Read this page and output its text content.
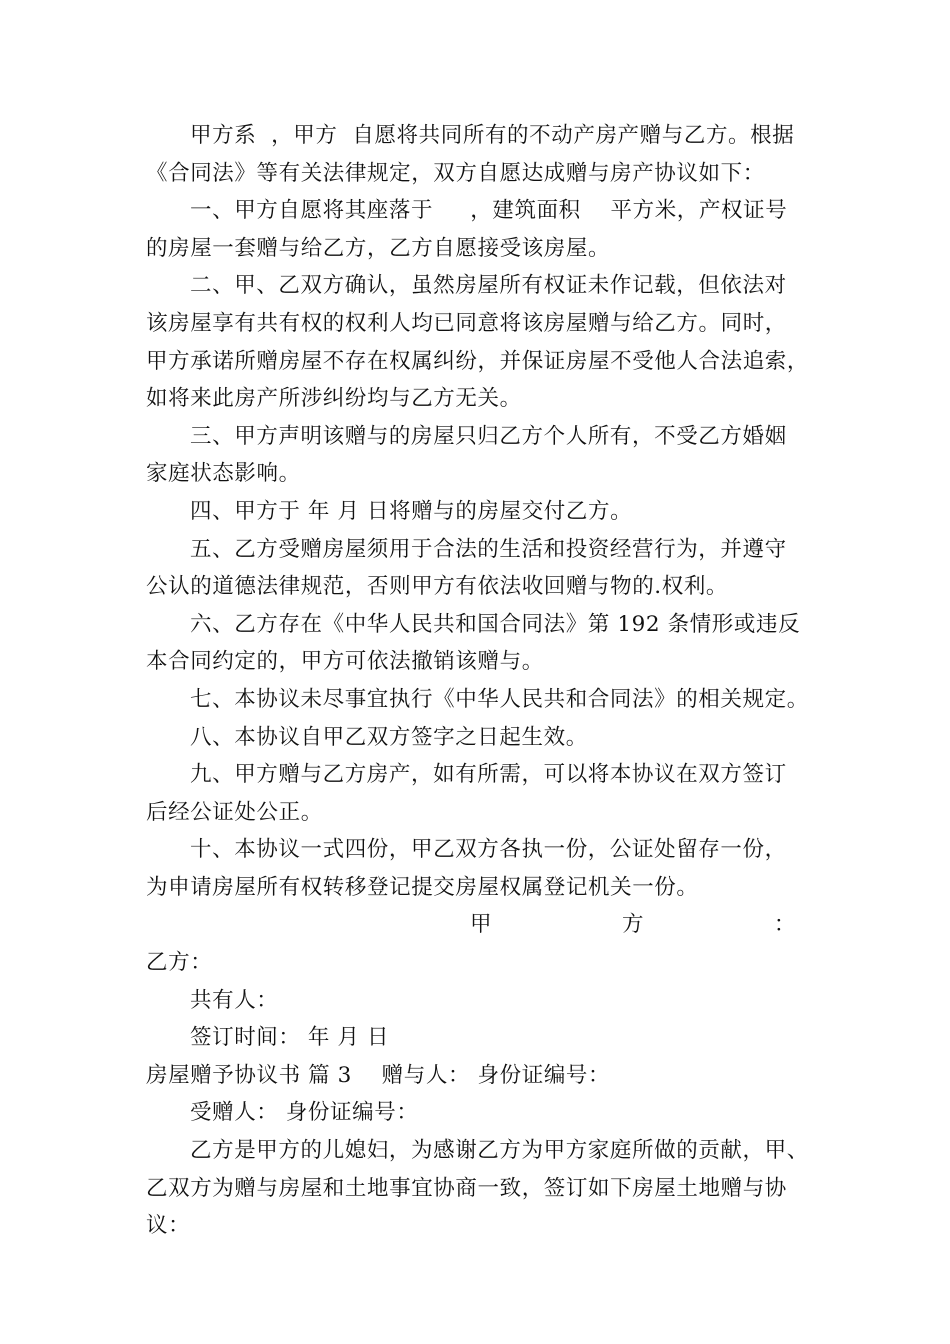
甲方系  ，甲方  自愿将共同所有的不动产房产赠与乙方。根据
《合同法》等有关法律规定，双方自愿达成赠与房产协议如下：
一、甲方自愿将其座落于     ，建筑面积    平方米，产权证号
的房屋一套赠与给乙方，乙方自愿接受该房屋。
二、甲、乙双方确认，虽然房屋所有权证未作记载，但依法对
该房屋享有共有权的权利人均已同意将该房屋赠与给乙方。同时，
甲方承诺所赠房屋不存在权属纠纷，并保证房屋不受他人合法追索，
如将来此房产所涉纠纷均与乙方无关。
三、甲方声明该赠与的房屋只归乙方个人所有，不受乙方婚姻
家庭状态影响。
四、甲方于 年 月 日将赠与的房屋交付乙方。
五、乙方受赠房屋须用于合法的生活和投资经营行为，并遵守
公认的道德法律规范，否则甲方有依法收回赠与物的.权利。
六、乙方存在《中华人民共和国合同法》第 192 条情形或违反
本合同约定的，甲方可依法撤销该赠与。
七、本协议未尽事宜执行《中华人民共和合同法》的相关规定。
八、本协议自甲乙双方签字之日起生效。
九、甲方赠与乙方房产，如有所需，可以将本协议在双方签订
后经公证处公正。
十、本协议一式四份，甲乙双方各执一份，公证处留存一份，
为申请房屋所有权转移登记提交房屋权属登记机关一份。
甲	方	：
乙方：
共有人：
签订时间： 年 月 日
房屋赠予协议书 篇 3    赠与人： 身份证编号：
受赠人： 身份证编号：
乙方是甲方的儿媳妇，为感谢乙方为甲方家庭所做的贡献，甲、
乙双方为赠与房屋和土地事宜协商一致，签订如下房屋土地赠与协
议：
